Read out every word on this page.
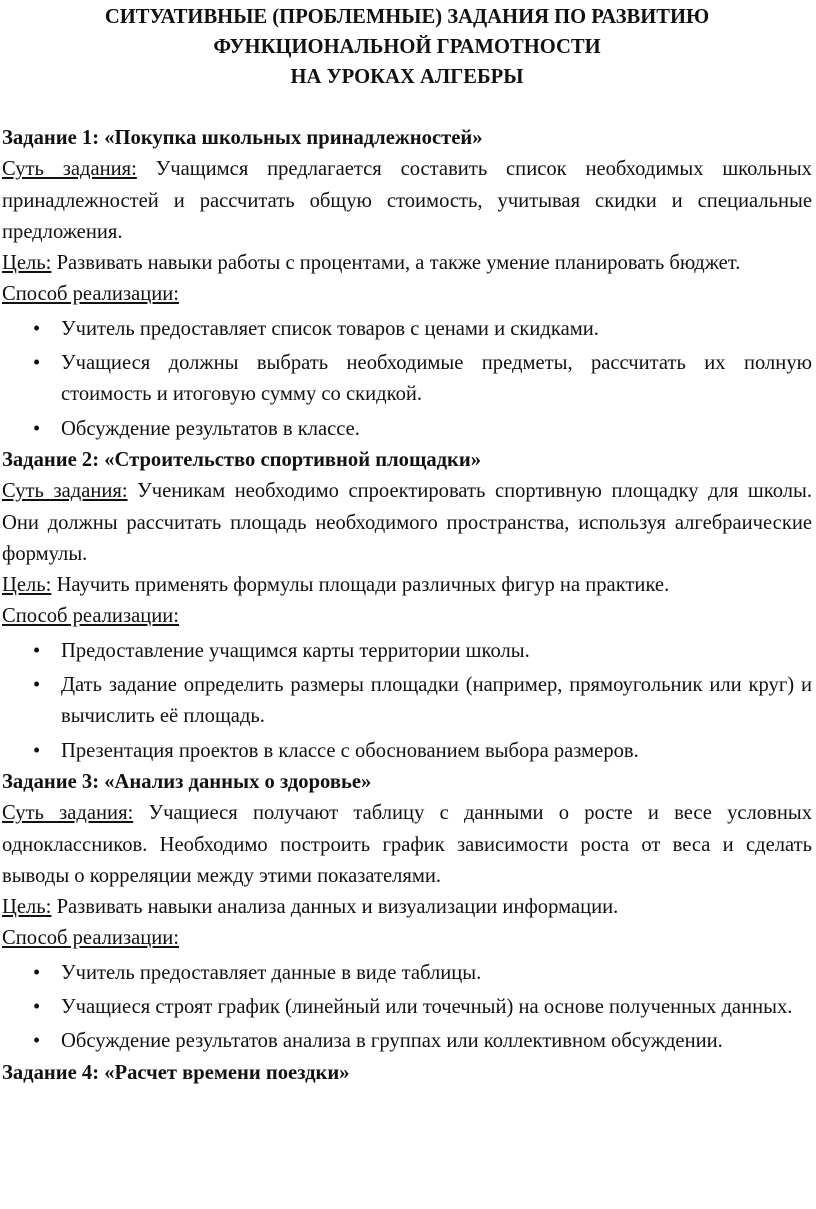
СИТУАТИВНЫЕ (ПРОБЛЕМНЫЕ) ЗАДАНИЯ ПО РАЗВИТИЮ
ФУНКЦИОНАЛЬНОЙ ГРАМОТНОСТИ
НА УРОКАХ АЛГЕБРЫ
Задание 1: «Покупка школьных принадлежностей»
Суть задания: Учащимся предлагается составить список необходимых школьных принадлежностей и рассчитать общую стоимость, учитывая скидки и специальные предложения.
Цель: Развивать навыки работы с процентами, а также умение планировать бюджет.
Способ реализации:
• Учитель предоставляет список товаров с ценами и скидками.
• Учащиеся должны выбрать необходимые предметы, рассчитать их полную стоимость и итоговую сумму со скидкой.
• Обсуждение результатов в классе.
Задание 2: «Строительство спортивной площадки»
Суть задания: Ученикам необходимо спроектировать спортивную площадку для школы. Они должны рассчитать площадь необходимого пространства, используя алгебраические формулы.
Цель: Научить применять формулы площади различных фигур на практике.
Способ реализации:
• Предоставление учащимся карты территории школы.
• Дать задание определить размеры площадки (например, прямоугольник или круг) и вычислить её площадь.
• Презентация проектов в классе с обоснованием выбора размеров.
Задание 3: «Анализ данных о здоровье»
Суть задания: Учащиеся получают таблицу с данными о росте и весе условных одноклассников. Необходимо построить график зависимости роста от веса и сделать выводы о корреляции между этими показателями.
Цель: Развивать навыки анализа данных и визуализации информации.
Способ реализации:
• Учитель предоставляет данные в виде таблицы.
• Учащиеся строят график (линейный или точечный) на основе полученных данных.
• Обсуждение результатов анализа в группах или коллективном обсуждении.
Задание 4: «Расчет времени поездки»
